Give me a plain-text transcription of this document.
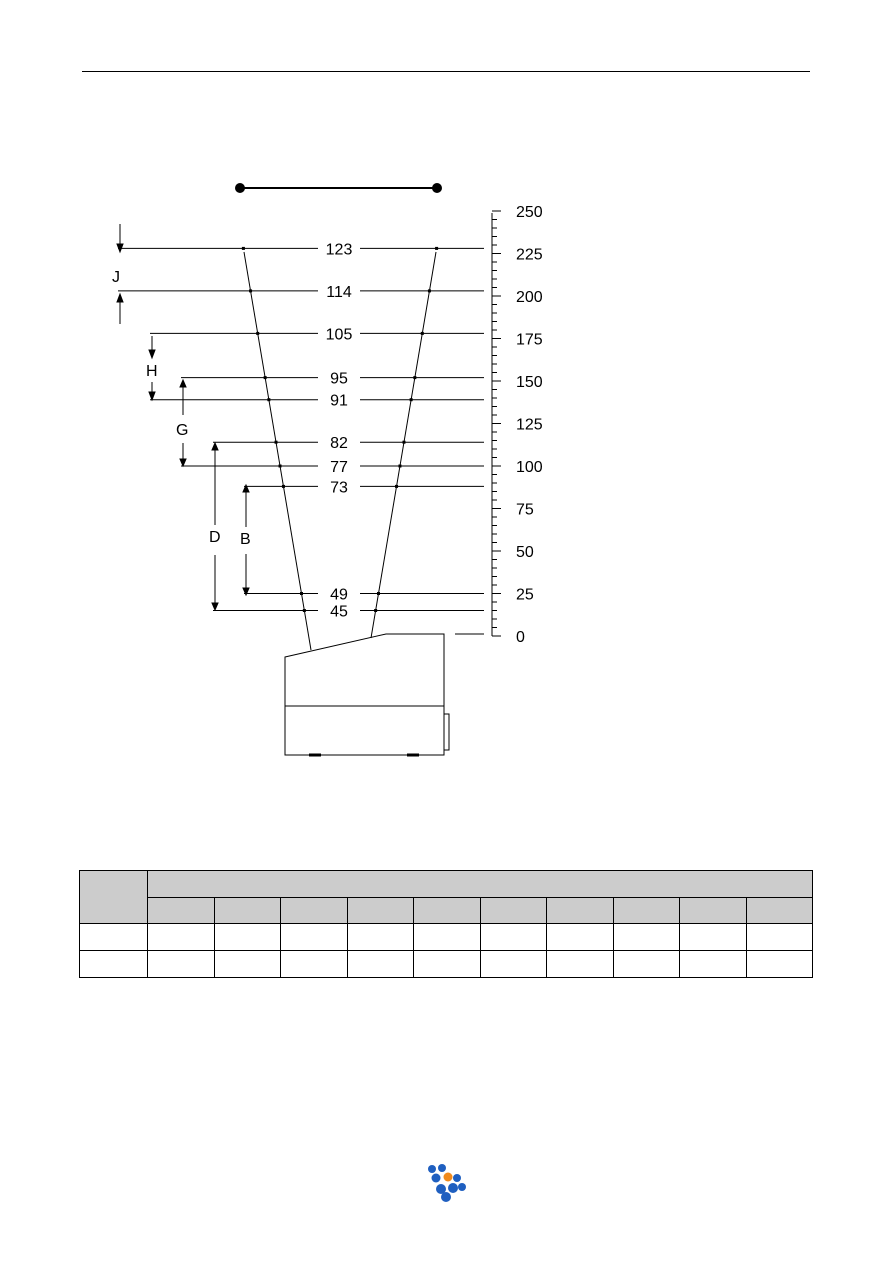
0
25
50
75
100
125
150
175
200
225
250
123
114
105
95
91
82
77
73
49
45
J
H
G
D B
